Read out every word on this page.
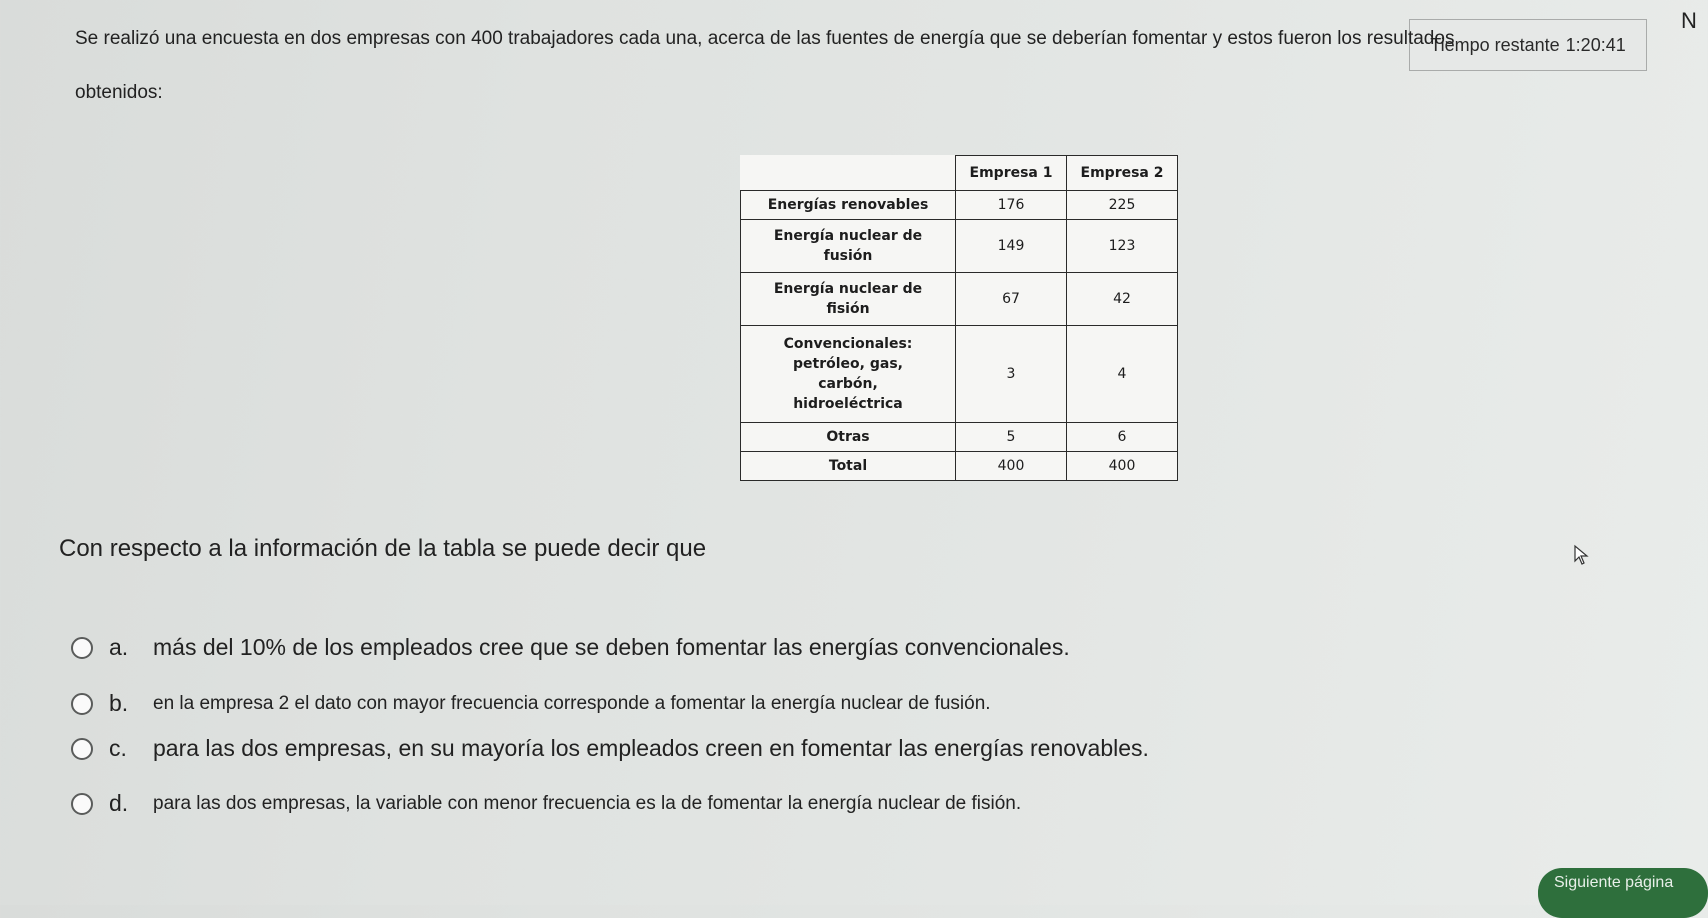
N
Tiempo restante 1:20:41
Se realizó una encuesta en dos empresas con 400 trabajadores cada una, acerca de las fuentes de energía que se deberían fomentar y estos fueron los resultados
obtenidos:
	Empresa 1	Empresa 2
Energías renovables	176	225
Energía nuclear de fusión	149	123
Energía nuclear de fisión	67	42
Convencionales: petróleo, gas, carbón, hidroeléctrica	3	4
Otras	5	6
Total	400	400
Con respecto a la información de la tabla se puede decir que
a.	más del 10% de los empleados cree que se deben fomentar las energías convencionales.
b.	en la empresa 2 el dato con mayor frecuencia corresponde a fomentar la energía nuclear de fusión.
c.	para las dos empresas, en su mayoría los empleados creen en fomentar las energías renovables.
d.	para las dos empresas, la variable con menor frecuencia es la de fomentar la energía nuclear de fisión.
Siguiente página
